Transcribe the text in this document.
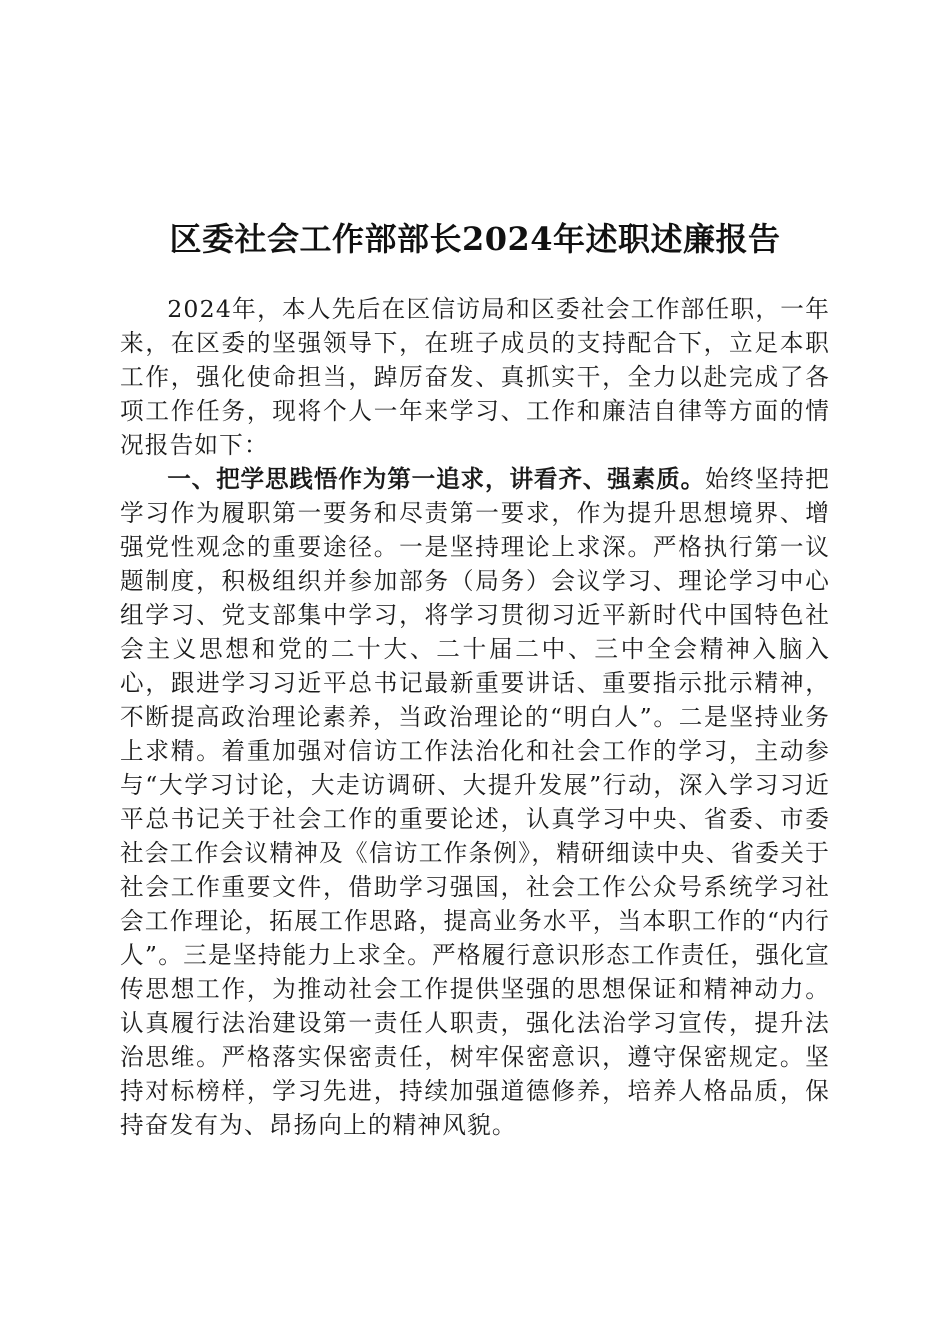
区委社会工作部部长2024年述职述廉报告

2024年，本人先后在区信访局和区委社会工作部任职，一年来，在区委的坚强领导下，在班子成员的支持配合下，立足本职工作，强化使命担当，踔厉奋发、真抓实干，全力以赴完成了各项工作任务，现将个人一年来学习、工作和廉洁自律等方面的情况报告如下：

一、把学思践悟作为第一追求，讲看齐、强素质。始终坚持把学习作为履职第一要务和尽责第一要求，作为提升思想境界、增强党性观念的重要途径。一是坚持理论上求深。严格执行第一议题制度，积极组织并参加部务（局务）会议学习、理论学习中心组学习、党支部集中学习，将学习贯彻习近平新时代中国特色社会主义思想和党的二十大、二十届二中、三中全会精神入脑入心，跟进学习习近平总书记最新重要讲话、重要指示批示精神，不断提高政治理论素养，当政治理论的“明白人”。二是坚持业务上求精。着重加强对信访工作法治化和社会工作的学习，主动参与“大学习讨论，大走访调研、大提升发展”行动，深入学习习近平总书记关于社会工作的重要论述，认真学习中央、省委、市委社会工作会议精神及《信访工作条例》，精研细读中央、省委关于社会工作重要文件，借助学习强国，社会工作公众号系统学习社会工作理论，拓展工作思路，提高业务水平，当本职工作的“内行人”。三是坚持能力上求全。严格履行意识形态工作责任，强化宣传思想工作，为推动社会工作提供坚强的思想保证和精神动力。认真履行法治建设第一责任人职责，强化法治学习宣传，提升法治思维。严格落实保密责任，树牢保密意识，遵守保密规定。坚持对标榜样，学习先进，持续加强道德修养，培养人格品质，保持奋发有为、昂扬向上的精神风貌。
